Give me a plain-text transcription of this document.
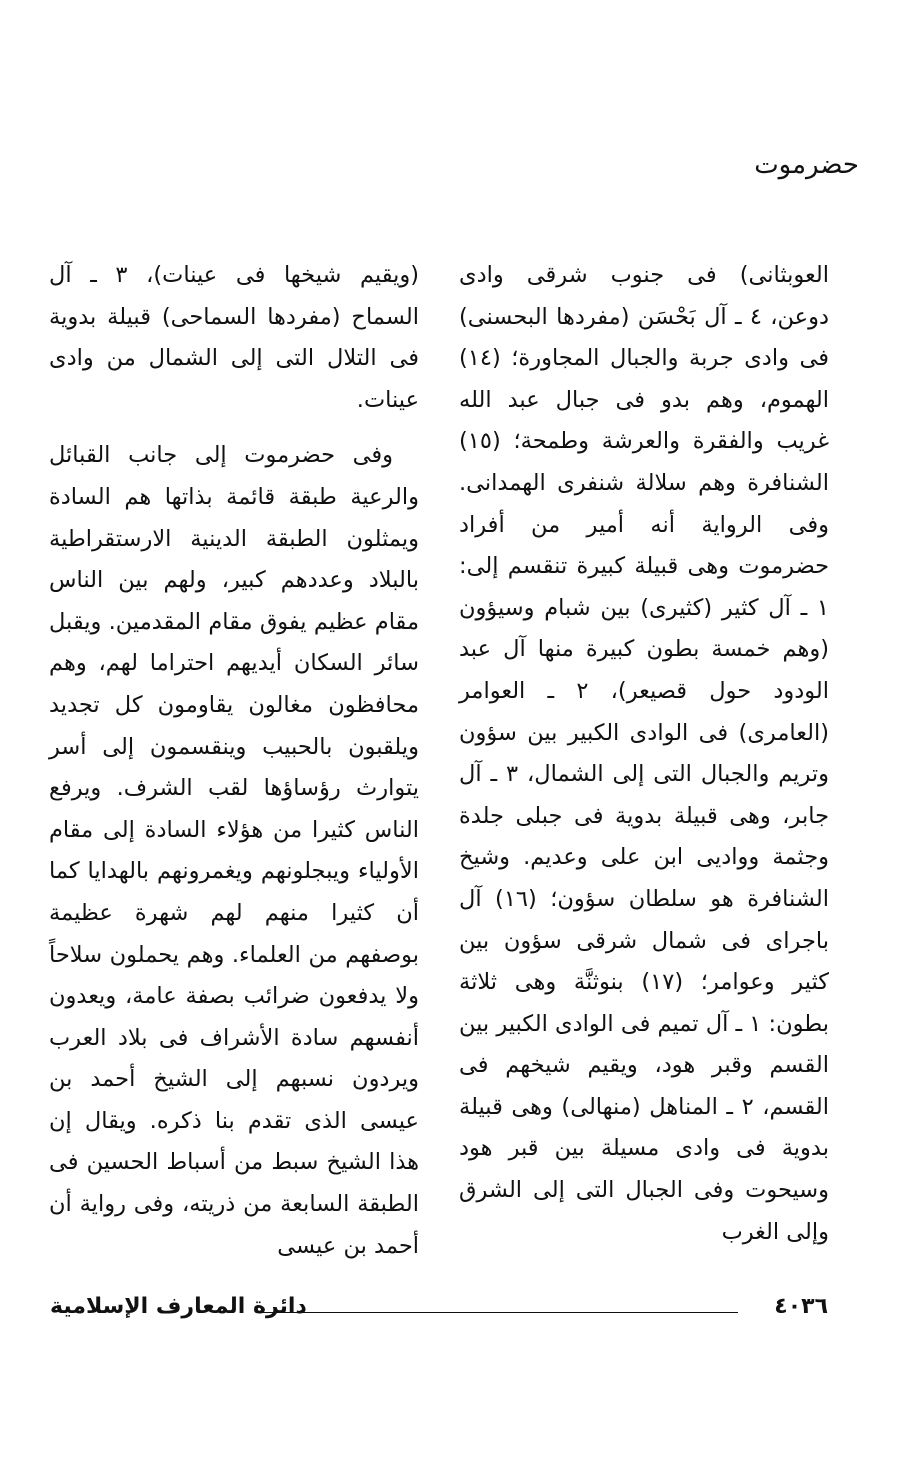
حضرموت

العوبثانى) فى جنوب شرقى وادى دوعن، ٤ ـ آل بَحْسَن (مفردها البحسنى) فى وادى جربة والجبال المجاورة؛ (١٤) الهموم، وهم بدو فى جبال عبد الله غريب والفقرة والعرشة وطمحة؛ (١٥) الشنافرة وهم سلالة شنفرى الهمدانى. وفى الرواية أنه أمير من أفراد حضرموت وهى قبيلة كبيرة تنقسم إلى: ١ ـ آل كثير (كثيرى) بين شبام وسيؤون (وهم خمسة بطون كبيرة منها آل عبد الودود حول قصيعر)، ٢ ـ العوامر (العامرى) فى الوادى الكبير بين سؤون وتريم والجبال التى إلى الشمال، ٣ ـ آل جابر، وهى قبيلة بدوية فى جبلى جلدة وجثمة وواديى ابن على وعديم. وشيخ الشنافرة هو سلطان سؤون؛ (١٦) آل باجراى فى شمال شرقى سؤون بين كثير وعوامر؛ (١٧) بنوثنَّة وهى ثلاثة بطون: ١ ـ آل تميم فى الوادى الكبير بين القسم وقبر هود، ويقيم شيخهم فى القسم، ٢ ـ المناهل (منهالى) وهى قبيلة بدوية فى وادى مسيلة بين قبر هود وسيحوت وفى الجبال التى إلى الشرق وإلى الغرب

(ويقيم شيخها فى عينات)، ٣ ـ آل السماح (مفردها السماحى) قبيلة بدوية فى التلال التى إلى الشمال من وادى عينات.

وفى حضرموت إلى جانب القبائل والرعية طبقة قائمة بذاتها هم السادة ويمثلون الطبقة الدينية الارستقراطية بالبلاد وعددهم كبير، ولهم بين الناس مقام عظيم يفوق مقام المقدمين. ويقبل سائر السكان أيديهم احتراما لهم، وهم محافظون مغالون يقاومون كل تجديد ويلقبون بالحبيب وينقسمون إلى أسر يتوارث رؤساؤها لقب الشرف. ويرفع الناس كثيرا من هؤلاء السادة إلى مقام الأولياء ويبجلونهم ويغمرونهم بالهدايا كما أن كثيرا منهم لهم شهرة عظيمة بوصفهم من العلماء. وهم يحملون سلاحاً ولا يدفعون ضرائب بصفة عامة، ويعدون أنفسهم سادة الأشراف فى بلاد العرب ويردون نسبهم إلى الشيخ أحمد بن عيسى الذى تقدم بنا ذكره. ويقال إن هذا الشيخ سبط من أسباط الحسين فى الطبقة السابعة من ذريته، وفى رواية أن أحمد بن عيسى

دائرة المعارف الإسلامية	٤٠٣٦
